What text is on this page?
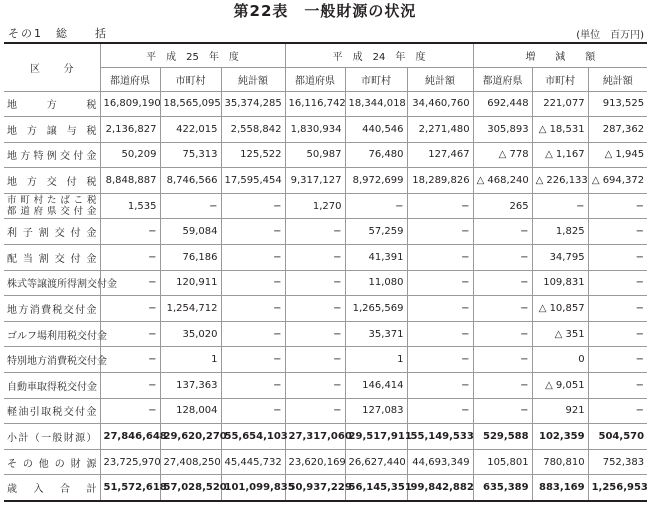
第22表　一般財源の状況
その1　総　　括	(単位　百万円)
区　　分	平　成　25　年　度			平　成　24　年　度			増　　減　　額		
	都道府県	市町村	純計額	都道府県	市町村	純計額	都道府県	市町村	純計額
地方税	16,809,190	18,565,095	35,374,285	16,116,742	18,344,018	34,460,760	692,448	221,077	913,525
地方譲与税	2,136,827	422,015	2,558,842	1,830,934	440,546	2,271,480	305,893	△ 18,531	287,362
地方特例交付金	50,209	75,313	125,522	50,987	76,480	127,467	△ 778	△ 1,167	△ 1,945
地方交付税	8,848,887	8,746,566	17,595,454	9,317,127	8,972,699	18,289,826	△ 468,240	△ 226,133	△ 694,372

市町村たばこ税
都道府県交付金	1,535	−	−	1,270	−	−	265	−	−
利子割交付金	−	59,084	−	−	57,259	−	−	1,825	−
配当割交付金	−	76,186	−	−	41,391	−	−	34,795	−
株式等譲渡所得割交付金	−	120,911	−	−	11,080	−	−	109,831	−
地方消費税交付金	−	1,254,712	−	−	1,265,569	−	−	△ 10,857	−
ゴルフ場利用税交付金	−	35,020	−	−	35,371	−	−	△ 351	−
特別地方消費税交付金	−	1	−	−	1	−	−	0	−
自動車取得税交付金	−	137,363	−	−	146,414	−	−	△ 9,051	−
軽油引取税交付金	−	128,004	−	−	127,083	−	−	921	−
小計（一般財源）	27,846,648	29,620,270	55,654,103	27,317,060	29,517,911	55,149,533	529,588	102,359	504,570
その他の財源	23,725,970	27,408,250	45,445,732	23,620,169	26,627,440	44,693,349	105,801	780,810	752,383
歳入合計	51,572,618	57,028,520	101,099,835	50,937,229	56,145,351	99,842,882	635,389	883,169	1,256,953
